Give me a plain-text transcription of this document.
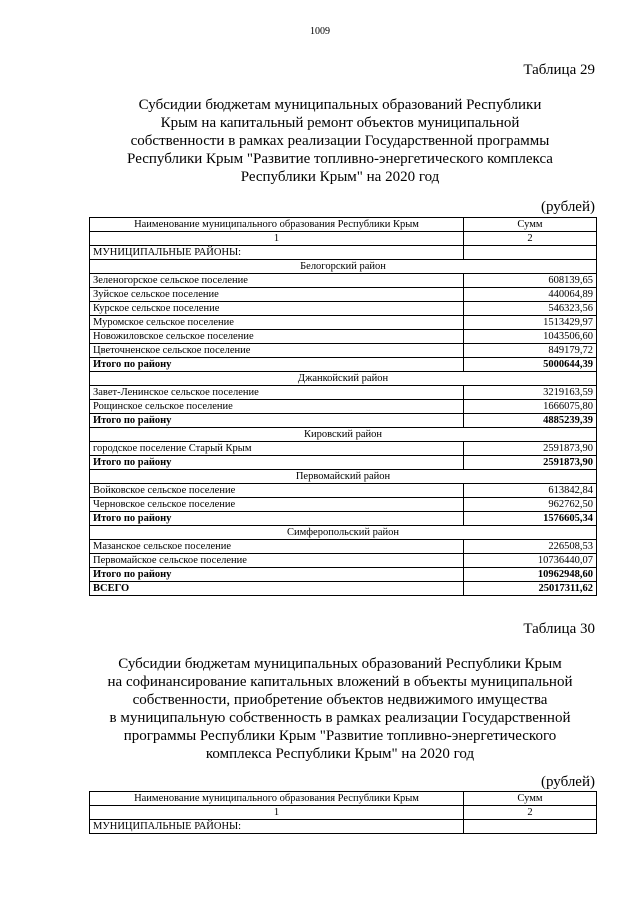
1009
Таблица 29
Субсидии бюджетам муниципальных образований Республики
Крым на капитальный ремонт объектов муниципальной
собственности в рамках реализации Государственной программы
Республики Крым "Развитие топливно-энергетического комплекса
Республики Крым" на 2020 год
(рублей)
Наименование муниципального образования Республики Крым	Сумм
1	2
МУНИЦИПАЛЬНЫЕ РАЙОНЫ:	
Белогорский район	
Зеленогорское сельское поселение	608139,65
Зуйское сельское поселение	440064,89
Курское сельское поселение	546323,56
Муромское сельское поселение	1513429,97
Новожиловское сельское поселение	1043506,60
Цветочненское сельское поселение	849179,72
Итого по району	5000644,39
Джанкойский район	
Завет-Ленинское сельское поселение	3219163,59
Рощинское сельское поселение	1666075,80
Итого по району	4885239,39
Кировский район	
городское поселение Старый Крым	2591873,90
Итого по району	2591873,90
Первомайский район	
Войковское сельское поселение	613842,84
Черновское сельское поселение	962762,50
Итого по району	1576605,34
Симферопольский район	
Мазанское сельское поселение	226508,53
Первомайское сельское поселение	10736440,07
Итого по району	10962948,60
ВСЕГО	25017311,62
Таблица 30
Субсидии бюджетам муниципальных образований Республики Крым
на софинансирование капитальных вложений в объекты муниципальной
собственности, приобретение объектов недвижимого имущества
в муниципальную собственность в рамках реализации Государственной
программы Республики Крым "Развитие топливно-энергетического
комплекса Республики Крым" на 2020 год
(рублей)
Наименование муниципального образования Республики Крым	Сумм
1	2
МУНИЦИПАЛЬНЫЕ РАЙОНЫ:	
